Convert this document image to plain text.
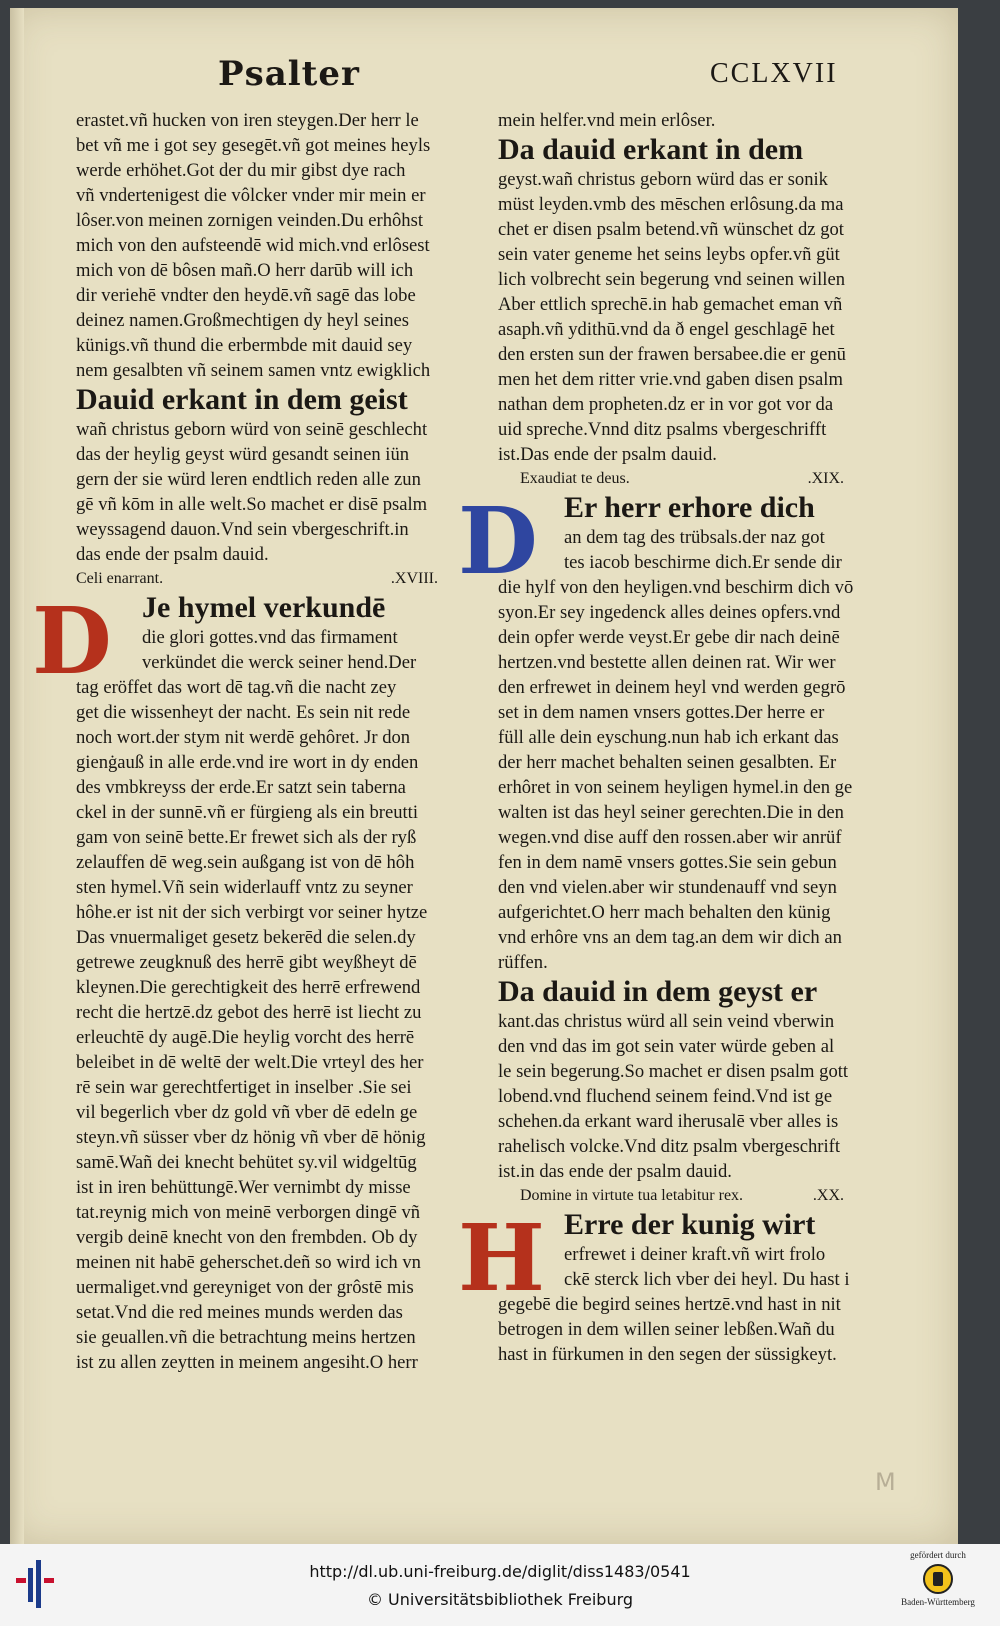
Psalter	CCLXVII
erastet.vñ hucken von iren steygen.Der herr le
bet vñ me i got sey gesegēt.vñ got meines heyls
werde erhöhet.Got der du mir gibst dye rach
vñ vndertenigest die vôlcker vnder mir mein er
lôser.von meinen zornigen veinden.Du erhôhst
mich von den aufsteendē wid mich.vnd erlôsest
mich von dē bôsen mañ.O herr darūb will ich
dir veriehē vndter den heydē.vñ sagē das lobe
deinez namen.Großmechtigen dy heyl seines
künigs.vñ thund die erbermbde mit dauid sey
nem gesalbten vñ seinem samen vntz ewigklich
Dauid erkant in dem geist
wañ christus geborn würd von seinē geschlecht
das der heylig geyst würd gesandt seinen iün
gern der sie würd leren endtlich reden alle zun
gē vñ kōm in alle welt.So machet er disē psalm
weyssagend dauon.Vnd sein vbergeschrift.in
das ende der psalm dauid.
Celi enarrant.	.XVIII.
D	Je hymel verkundē
die glori gottes.vnd das firmament
verkündet die werck seiner hend.Der
tag eröffet das wort dē tag.vñ die nacht zey
get die wissenheyt der nacht. Es sein nit rede
noch wort.der stym nit werdē gehôret. Jr don
gienġauß in alle erde.vnd ire wort in dy enden
des vmbkreyss der erde.Er satzt sein taberna
ckel in der sunnē.vñ er fürgieng als ein breutti
gam von seinē bette.Er frewet sich als der ryß
zelauffen dē weg.sein außgang ist von dē hôh
sten hymel.Vñ sein widerlauff vntz zu seyner
hôhe.er ist nit der sich verbirgt vor seiner hytze
Das vnuermaliget gesetz bekerēd die selen.dy
getrewe zeugknuß des herrē gibt weyßheyt dē
kleynen.Die gerechtigkeit des herrē erfrewend
recht die hertzē.dz gebot des herrē ist liecht zu
erleuchtē dy augē.Die heylig vorcht des herrē
beleibet in dē weltē der welt.Die vrteyl des her
rē sein war gerechtfertiget in inselber .Sie sei
vil begerlich vber dz gold vñ vber dē edeln ge
steyn.vñ süsser vber dz hönig vñ vber dē hönig
samē.Wañ dei knecht behütet sy.vil widgeltūg
ist in iren behüttungē.Wer vernimbt dy misse
tat.reynig mich von meinē verborgen dingē vñ
vergib deinē knecht von den frembden. Ob dy
meinen nit habē geherschet.deñ so wird ich vn
uermaliget.vnd gereyniget von der grôstē mis
setat.Vnd die red meines munds werden das
sie geuallen.vñ die betrachtung meins hertzen
ist zu allen zeytten in meinem angesiht.O herr
mein helfer.vnd mein erlôser.
Da dauid erkant in dem
geyst.wañ christus geborn würd das er sonik
müst leyden.vmb des mēschen erlôsung.da ma
chet er disen psalm betend.vñ wünschet dz got
sein vater geneme het seins leybs opfer.vñ güt
lich volbrecht sein begerung vnd seinen willen
Aber ettlich sprechē.in hab gemachet eman vñ
asaph.vñ ydithū.vnd da ð engel geschlagē het
den ersten sun der frawen bersabee.die er genū
men het dem ritter vrie.vnd gaben disen psalm
nathan dem propheten.dz er in vor got vor da
uid spreche.Vnnd ditz psalms vbergeschrifft
ist.Das ende der psalm dauid.
Exaudiat te deus.	.XIX.
D Er herr erhore dich
an dem tag des trübsals.der naz got
tes iacob beschirme dich.Er sende dir
die hylf von den heyligen.vnd beschirm dich vō
syon.Er sey ingedenck alles deines opfers.vnd
dein opfer werde veyst.Er gebe dir nach deinē
hertzen.vnd bestette allen deinen rat. Wir wer
den erfrewet in deinem heyl vnd werden gegrō
set in dem namen vnsers gottes.Der herre er
füll alle dein eyschung.nun hab ich erkant das
der herr machet behalten seinen gesalbten. Er
erhôret in von seinem heyligen hymel.in den ge
walten ist das heyl seiner gerechten.Die in den
wegen.vnd dise auff den rossen.aber wir anrüf
fen in dem namē vnsers gottes.Sie sein gebun
den vnd vielen.aber wir stundenauff vnd seyn
aufgerichtet.O herr mach behalten den künig
vnd erhôre vns an dem tag.an dem wir dich an
rüffen.
Da dauid in dem geyst er
kant.das christus würd all sein veind vberwin
den vnd das im got sein vater würde geben al
le sein begerung.So machet er disen psalm gott
lobend.vnd fluchend seinem feind.Vnd ist ge
schehen.da erkant ward iherusalē vber alles is
rahelisch volcke.Vnd ditz psalm vbergeschrift
ist.in das ende der psalm dauid.
Domine in virtute tua letabitur rex.	.XX.
H Erre der kunig wirt
erfrewet i deiner kraft.vñ wirt frolo
ckē sterck lich vber dei heyl. Du hast i
gegebē die begird seines hertzē.vnd hast in nit
betrogen in dem willen seiner lebßen.Wañ du
hast in fürkumen in den segen der süssigkeyt.
M
http://dl.ub.uni-freiburg.de/diglit/diss1483/0541
© Universitätsbibliothek Freiburg
gefördert durch
Baden-Württemberg
